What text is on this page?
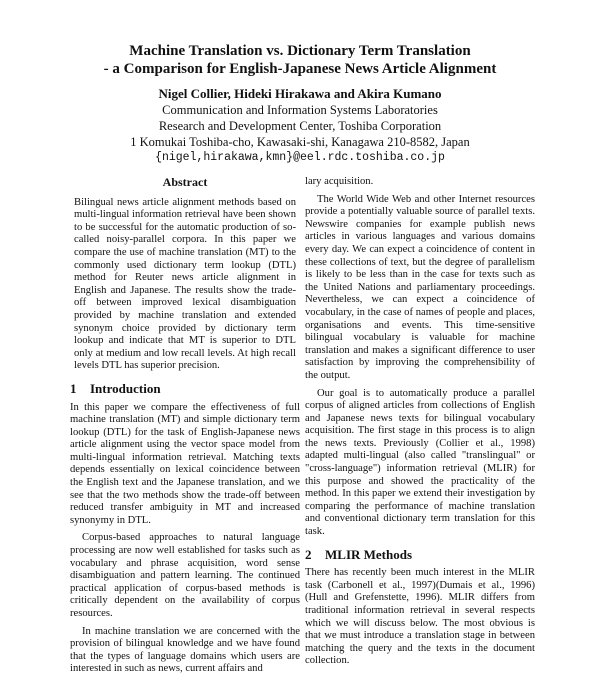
Machine Translation vs. Dictionary Term Translation
- a Comparison for English-Japanese News Article Alignment
Nigel Collier, Hideki Hirakawa and Akira Kumano
Communication and Information Systems Laboratories
Research and Development Center, Toshiba Corporation
1 Komukai Toshiba-cho, Kawasaki-shi, Kanagawa 210-8582, Japan
{nigel,hirakawa,kmn}@eel.rdc.toshiba.co.jp
Abstract

Bilingual news article alignment methods based on multi-lingual information retrieval have been shown to be successful for the automatic production of so-called noisy-parallel corpora. In this paper we compare the use of machine translation (MT) to the commonly used dictionary term lookup (DTL) method for Reuter news article alignment in English and Japanese. The results show the trade-off between improved lexical disambiguation provided by machine translation and extended synonym choice provided by dictionary term lookup and indicate that MT is superior to DTL only at medium and low recall levels. At high recall levels DTL has superior precision.

1 Introduction

In this paper we compare the effectiveness of full machine translation (MT) and simple dictionary term lookup (DTL) for the task of English-Japanese news article alignment using the vector space model from multi-lingual information retrieval. Matching texts depends essentially on lexical coincidence between the English text and the Japanese translation, and we see that the two methods show the trade-off between reduced transfer ambiguity in MT and increased synonymy in DTL.

Corpus-based approaches to natural language processing are now well established for tasks such as vocabulary and phrase acquisition, word sense disambiguation and pattern learning. The continued practical application of corpus-based methods is critically dependent on the availability of corpus resources.

In machine translation we are concerned with the provision of bilingual knowledge and we have found that the types of language domains which users are interested in such as news, current affairs and

lary acquisition.

The World Wide Web and other Internet resources provide a potentially valuable source of parallel texts. Newswire companies for example publish news articles in various languages and various domains every day. We can expect a coincidence of content in these collections of text, but the degree of parallelism is likely to be less than in the case for texts such as the United Nations and parliamentary proceedings. Nevertheless, we can expect a coincidence of vocabulary, in the case of names of people and places, organisations and events. This time-sensitive bilingual vocabulary is valuable for machine translation and makes a significant difference to user satisfaction by improving the comprehensibility of the output.

Our goal is to automatically produce a parallel corpus of aligned articles from collections of English and Japanese news texts for bilingual vocabulary acquisition. The first stage in this process is to align the news texts. Previously (Collier et al., 1998) adapted multi-lingual (also called "translingual" or "cross-language") information retrieval (MLIR) for this purpose and showed the practicality of the method. In this paper we extend their investigation by comparing the performance of machine translation and conventional dictionary term translation for this task.

2 MLIR Methods

There has recently been much interest in the MLIR task (Carbonell et al., 1997)(Dumais et al., 1996)(Hull and Grefenstette, 1996). MLIR differs from traditional information retrieval in several respects which we will discuss below. The most obvious is that we must introduce a translation stage in between matching the query and the texts in the document collection.
